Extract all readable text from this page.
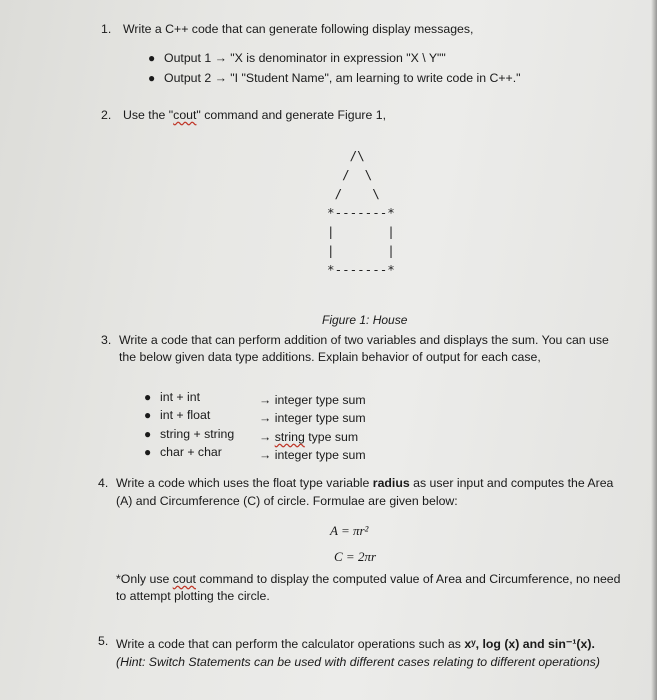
1. Write a C++ code that can generate following display messages,
● Output 1 → "X is denominator in expression "X \ Y""
● Output 2 → "I "Student Name", am learning to write code in C++."
2. Use the "cout" command and generate Figure 1,
/\
/  \
/    \
*-------*
|       |
|       |
*-------*
Figure 1: House
3. Write a code that can perform addition of two variables and displays the sum. You can use
the below given data type additions. Explain behavior of output for each case,
● int + int	→ integer type sum
● int + float	→ integer type sum
● string + string → string type sum
● char + char	→ integer type sum
4. Write a code which uses the float type variable radius as user input and computes the Area
(A) and Circumference (C) of circle. Formulae are given below:
A = πr²
C = 2πr
*Only use cout command to display the computed value of Area and Circumference, no need
to attempt plotting the circle.
5. Write a code that can perform the calculator operations such as xʸ, log (x) and sin⁻¹(x).
(Hint: Switch Statements can be used with different cases relating to different operations)
